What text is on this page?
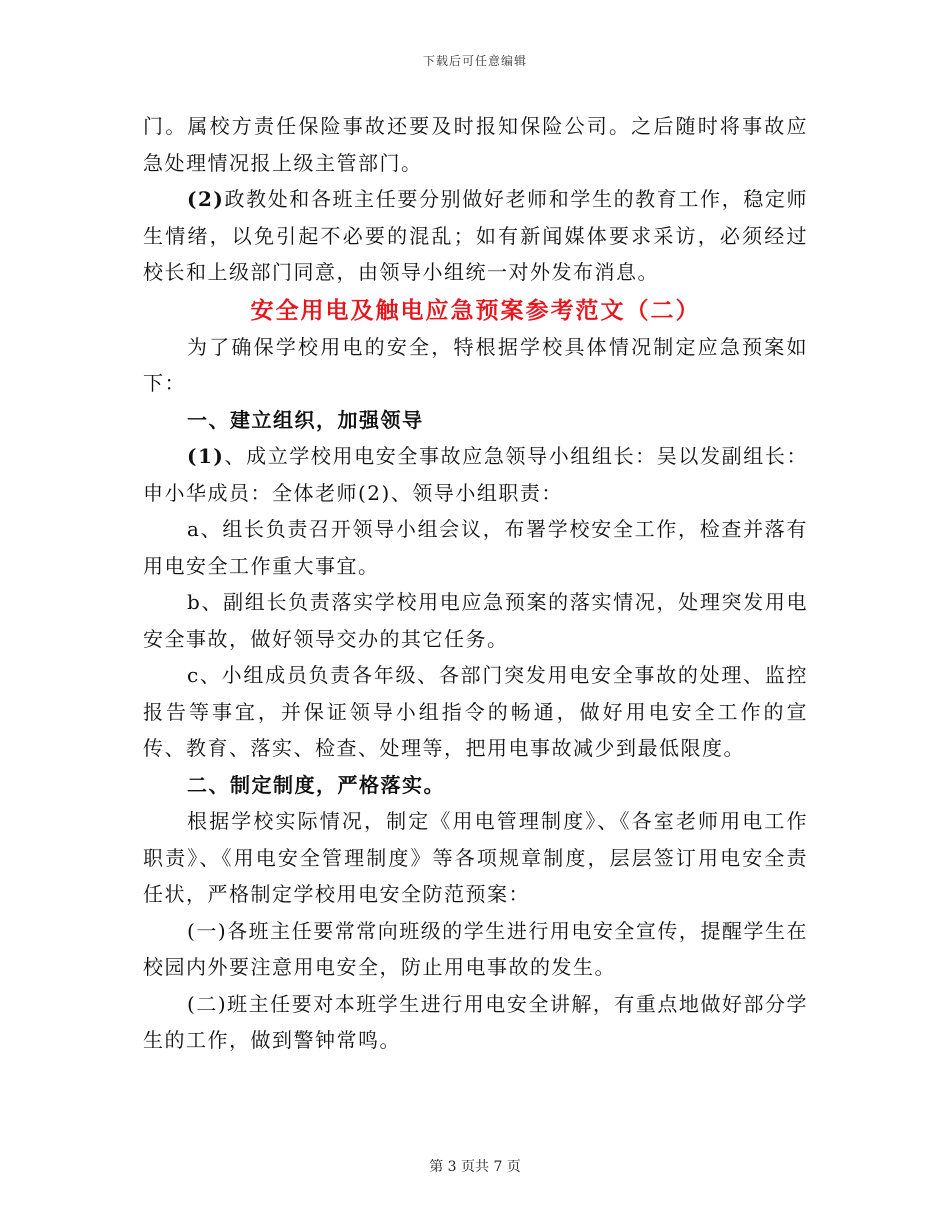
下载后可任意编辑

门。属校方责任保险事故还要及时报知保险公司。之后随时将事故应急处理情况报上级主管部门。

(2)政教处和各班主任要分别做好老师和学生的教育工作，稳定师生情绪，以免引起不必要的混乱；如有新闻媒体要求采访，必须经过校长和上级部门同意，由领导小组统一对外发布消息。

安全用电及触电应急预案参考范文（二）

为了确保学校用电的安全，特根据学校具体情况制定应急预案如下：

一、建立组织，加强领导

(1)、成立学校用电安全事故应急领导小组组长：吴以发副组长：申小华成员：全体老师(2)、领导小组职责：

a、组长负责召开领导小组会议，布署学校安全工作，检查并落有用电安全工作重大事宜。

b、副组长负责落实学校用电应急预案的落实情况，处理突发用电安全事故，做好领导交办的其它任务。

c、小组成员负责各年级、各部门突发用电安全事故的处理、监控报告等事宜，并保证领导小组指令的畅通，做好用电安全工作的宣传、教育、落实、检查、处理等，把用电事故减少到最低限度。

二、制定制度，严格落实。

根据学校实际情况，制定《用电管理制度》、《各室老师用电工作职责》、《用电安全管理制度》等各项规章制度，层层签订用电安全责任状，严格制定学校用电安全防范预案：

(一)各班主任要常常向班级的学生进行用电安全宣传，提醒学生在校园内外要注意用电安全，防止用电事故的发生。

(二)班主任要对本班学生进行用电安全讲解，有重点地做好部分学生的工作，做到警钟常鸣。

第 3 页共 7 页
